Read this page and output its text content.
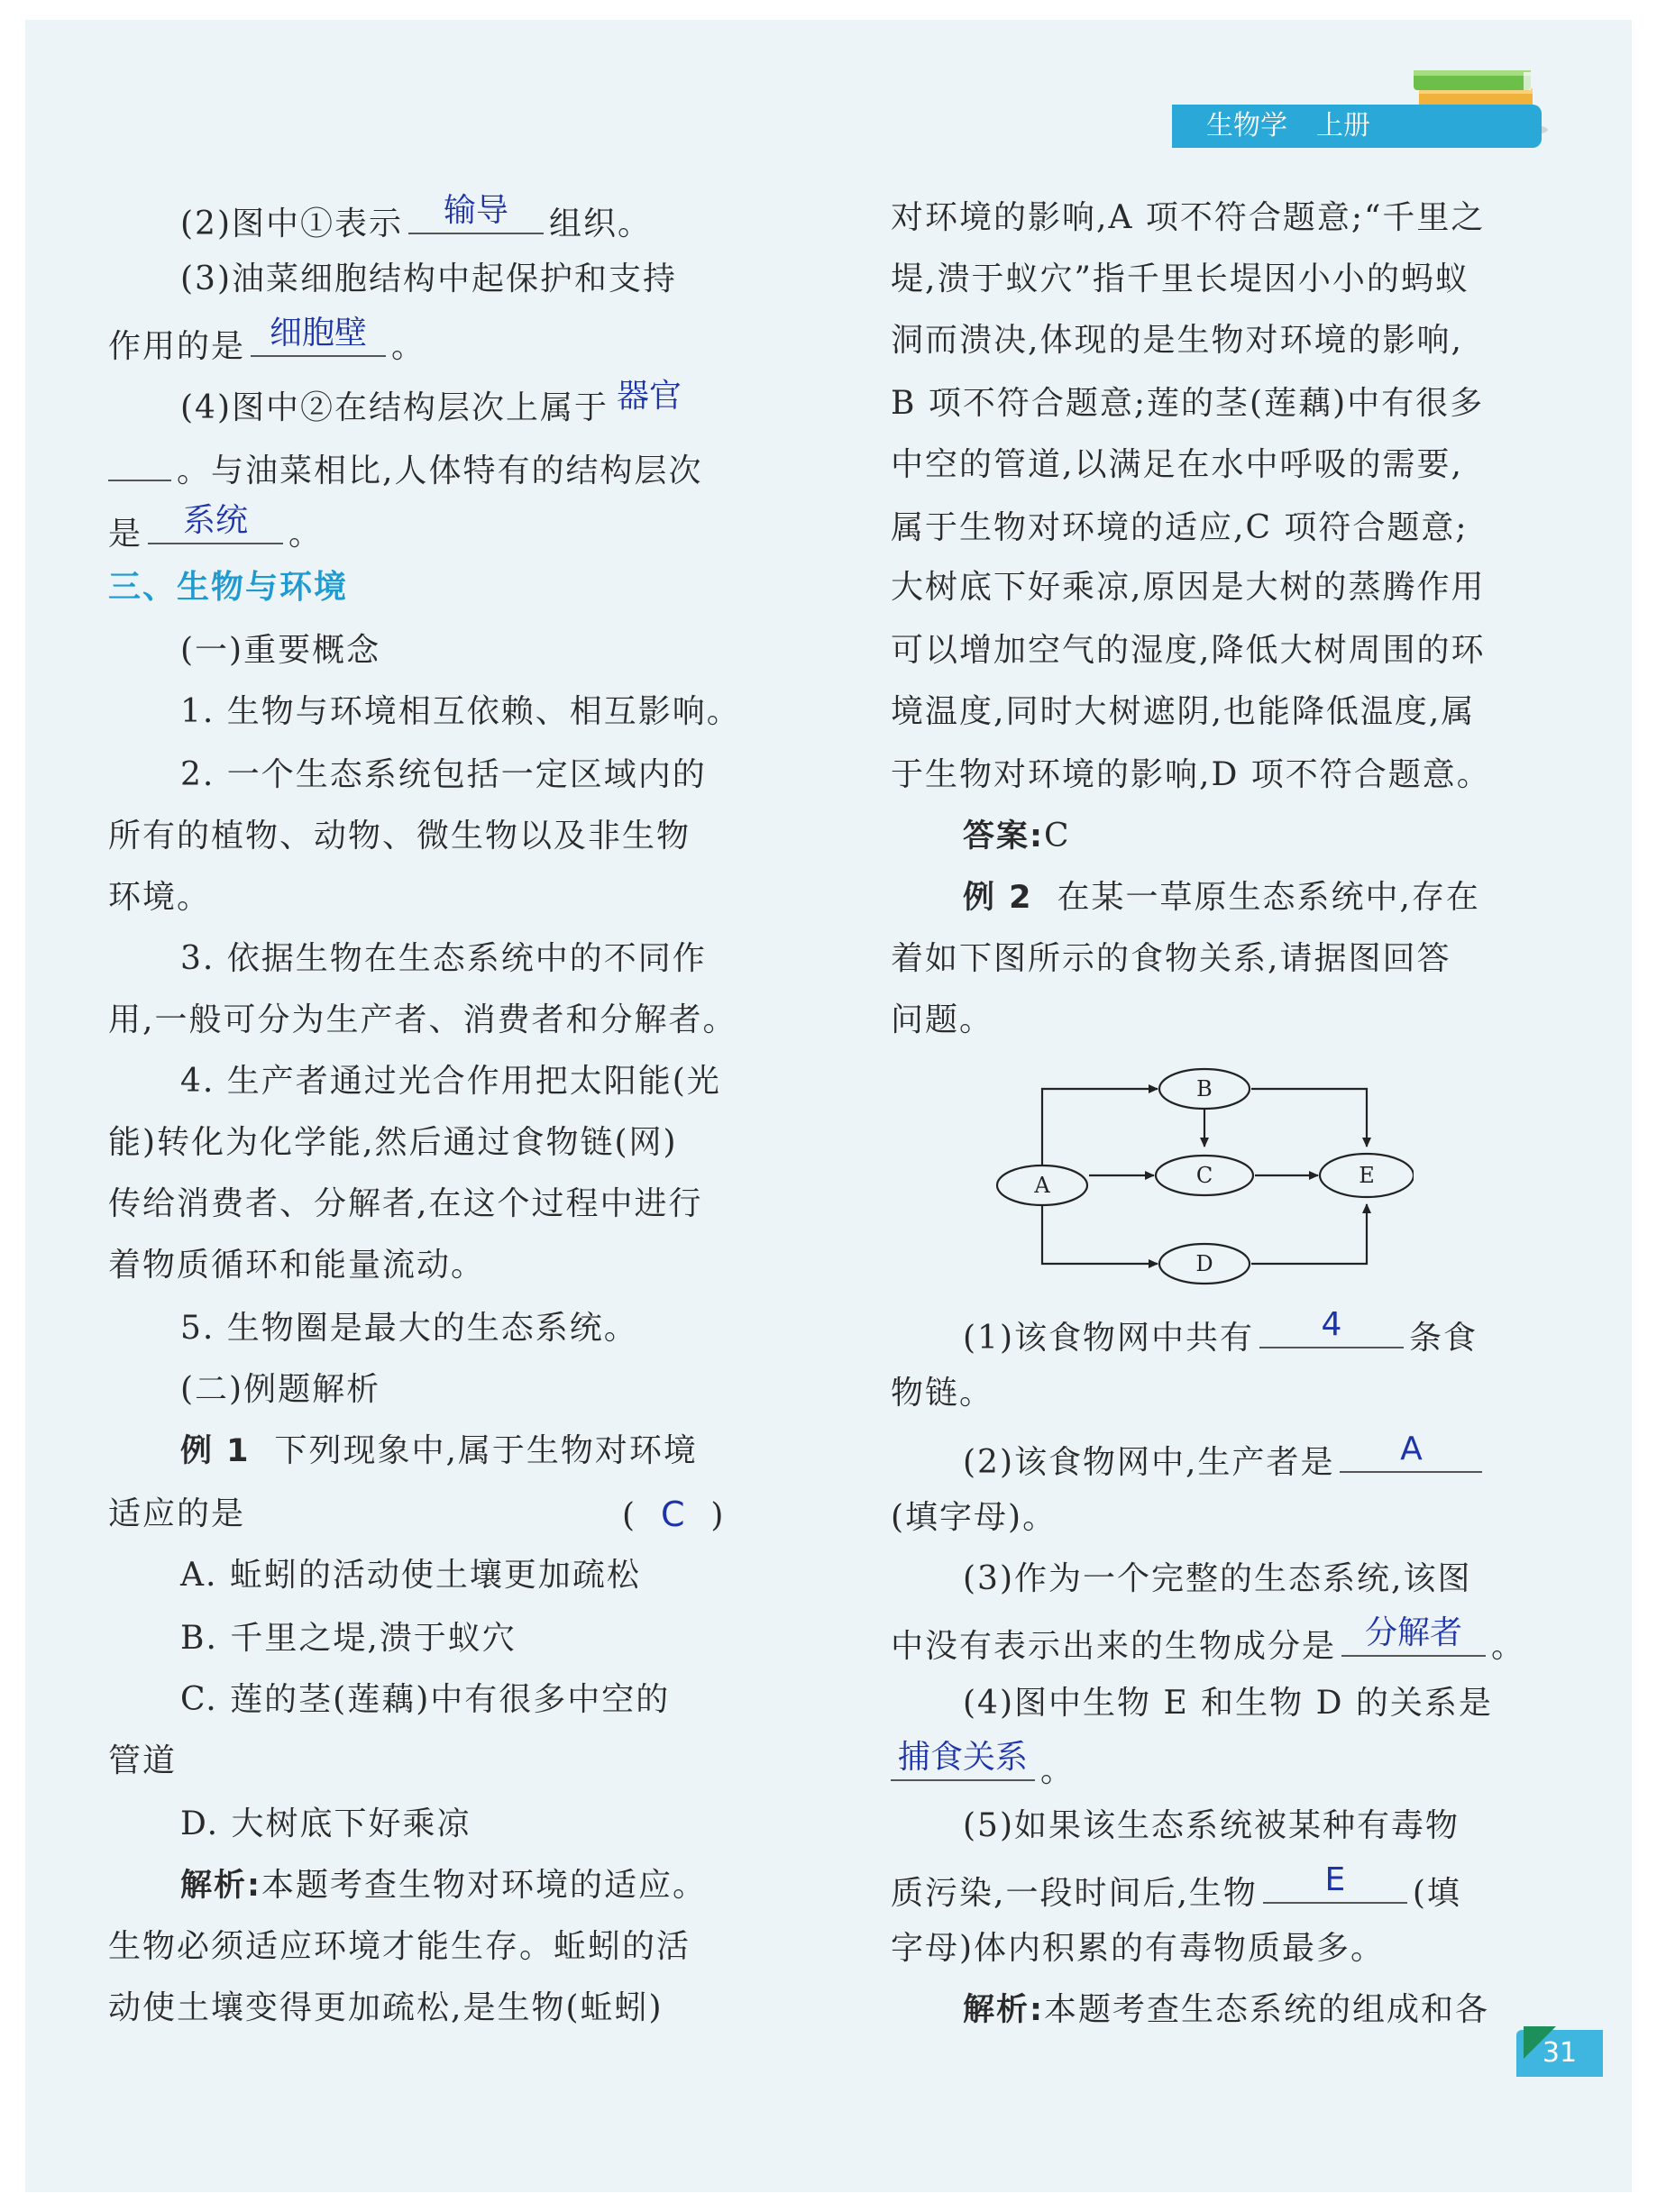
生物学 上册
(2)图中①表示	输导	组织。
(3)油菜细胞结构中起保护和支持
作用的是 细胞壁 。
(4)图中②在结构层次上属于 器官
。与油菜相比,人体特有的结构层次
是	系统	。
三、生物与环境
(一)重要概念
1. 生物与环境相互依赖、相互影响。
2. 一个生态系统包括一定区域内的
所有的植物、动物、微生物以及非生物
环境。
3. 依据生物在生态系统中的不同作
用,一般可分为生产者、消费者和分解者。
4. 生产者通过光合作用把太阳能(光
能)转化为化学能,然后通过食物链(网)
传给消费者、分解者,在这个过程中进行
着物质循环和能量流动。
5. 生物圈是最大的生态系统。
(二)例题解析
例 1 下列现象中,属于生物对环境
适应的是	( C )
A. 蚯蚓的活动使土壤更加疏松
B. 千里之堤,溃于蚁穴
C. 莲的茎(莲藕)中有很多中空的
管道
D. 大树底下好乘凉
解析:本题考查生物对环境的适应。
生物必须适应环境才能生存。蚯蚓的活
动使土壤变得更加疏松,是生物(蚯蚓)
对环境的影响,A 项不符合题意;“千里之
堤,溃于蚁穴”指千里长堤因小小的蚂蚁
洞而溃决,体现的是生物对环境的影响,
B 项不符合题意;莲的茎(莲藕)中有很多
中空的管道,以满足在水中呼吸的需要,
属于生物对环境的适应,C 项符合题意;
大树底下好乘凉,原因是大树的蒸腾作用
可以增加空气的湿度,降低大树周围的环
境温度,同时大树遮阴,也能降低温度,属
于生物对环境的影响,D 项不符合题意。
答案:C
例 2 在某一草原生态系统中,存在
着如下图所示的食物关系,请据图回答
问题。
(1)该食物网中共有	4	条食
物链。
(2)该食物网中,生产者是	A
(填字母)。
(3)作为一个完整的生态系统,该图
中没有表示出来的生物成分是 分解者 。
(4)图中生物 E 和生物 D 的关系是
捕食关系 。
(5)如果该生态系统被某种有毒物
质污染,一段时间后,生物	E	(填
字母)体内积累的有毒物质最多。
解析:本题考查生态系统的组成和各
B
A	C	E
D
31
